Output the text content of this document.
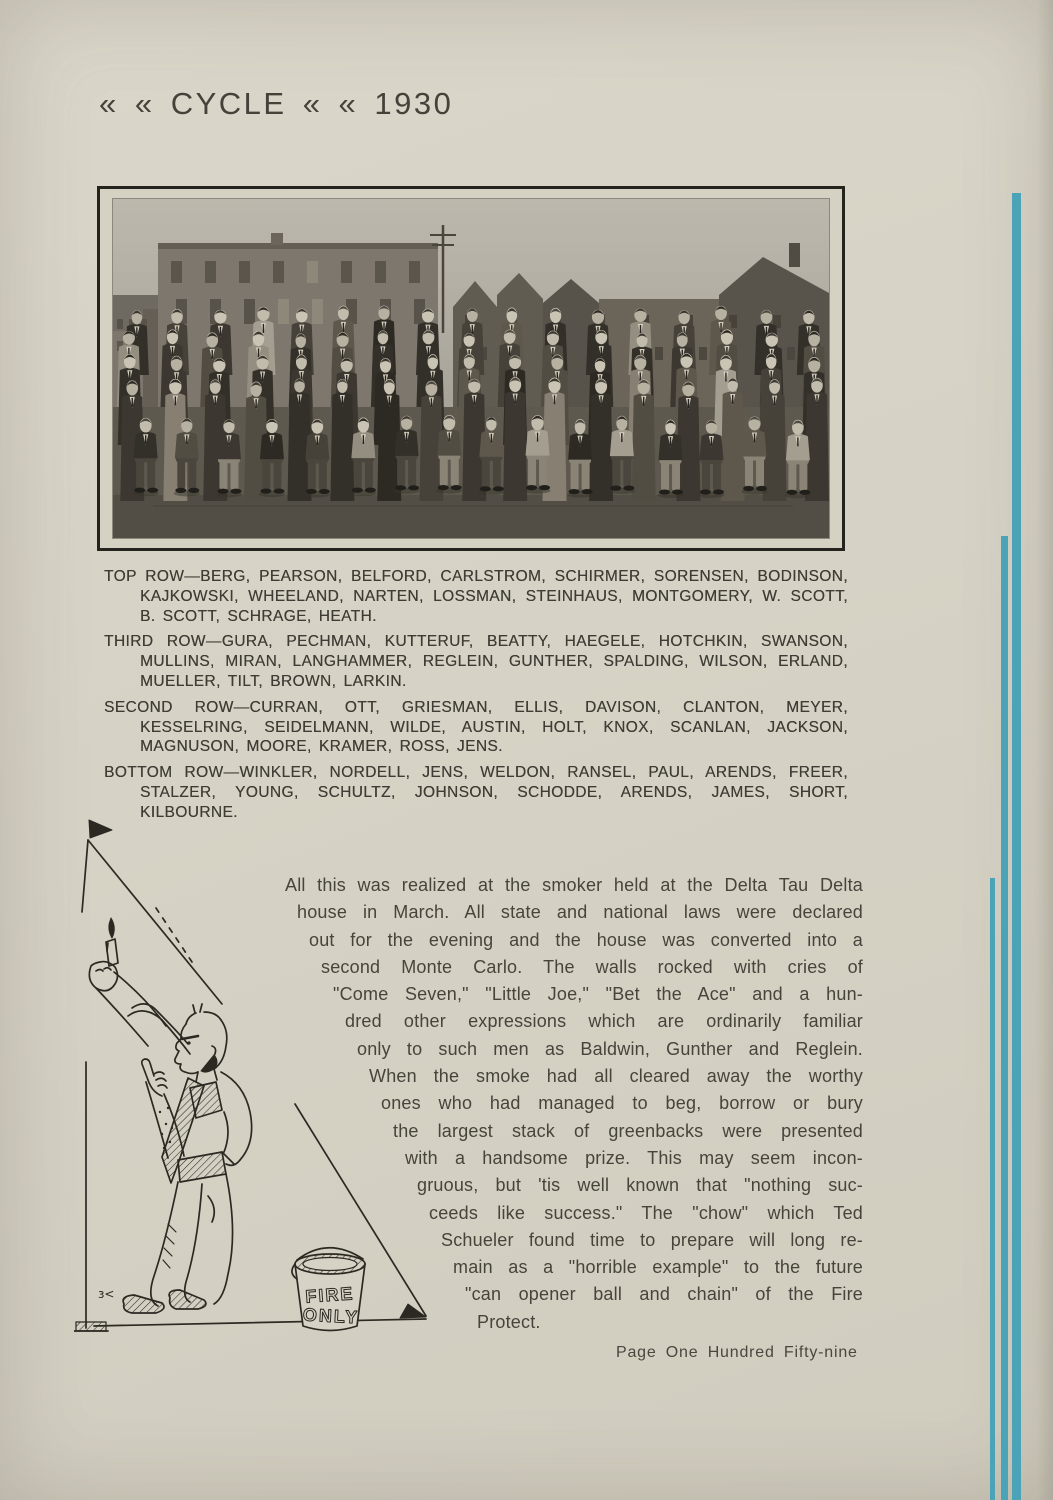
« « CYCLE « « 1930

TOP ROW—BERG, PEARSON, BELFORD, CARLSTROM, SCHIRMER, SORENSEN, BODINSON, KAJKOWSKI, WHEELAND, NARTEN, LOSSMAN, STEINHAUS, MONTGOMERY, W. SCOTT, B. SCOTT, SCHRAGE, HEATH.

THIRD ROW—GURA, PECHMAN, KUTTERUF, BEATTY, HAEGELE, HOTCHKIN, SWANSON, MULLINS, MIRAN, LANGHAMMER, REGLEIN, GUNTHER, SPALDING, WILSON, ERLAND, MUELLER, TILT, BROWN, LARKIN.

SECOND ROW—CURRAN, OTT, GRIESMAN, ELLIS, DAVISON, CLANTON, MEYER, KESSELRING, SEIDELMANN, WILDE, AUSTIN, HOLT, KNOX, SCANLAN, JACKSON, MAGNUSON, MOORE, KRAMER, ROSS, JENS.

BOTTOM ROW—WINKLER, NORDELL, JENS, WELDON, RANSEL, PAUL, ARENDS, FREER, STALZER, YOUNG, SCHULTZ, JOHNSON, SCHODDE, ARENDS, JAMES, SHORT, KILBOURNE.

FIRE
ONLY
ɜ<
All this was realized at the smoker held at the Delta Tau Delta
house in March. All state and national laws were declared
out for the evening and the house was converted into a
second Monte Carlo. The walls rocked with cries of
"Come Seven," "Little Joe," "Bet the Ace" and a hun-
dred other expressions which are ordinarily familiar
only to such men as Baldwin, Gunther and Reglein.
When the smoke had all cleared away the worthy
ones who had managed to beg, borrow or bury
the largest stack of greenbacks were presented
with a handsome prize. This may seem incon-
gruous, but 'tis well known that "nothing suc-
ceeds like success." The "chow" which Ted
Schueler found time to prepare will long re-
main as a "horrible example" to the future
"can opener ball and chain" of the Fire
Protect.
Page One Hundred Fifty-nine
